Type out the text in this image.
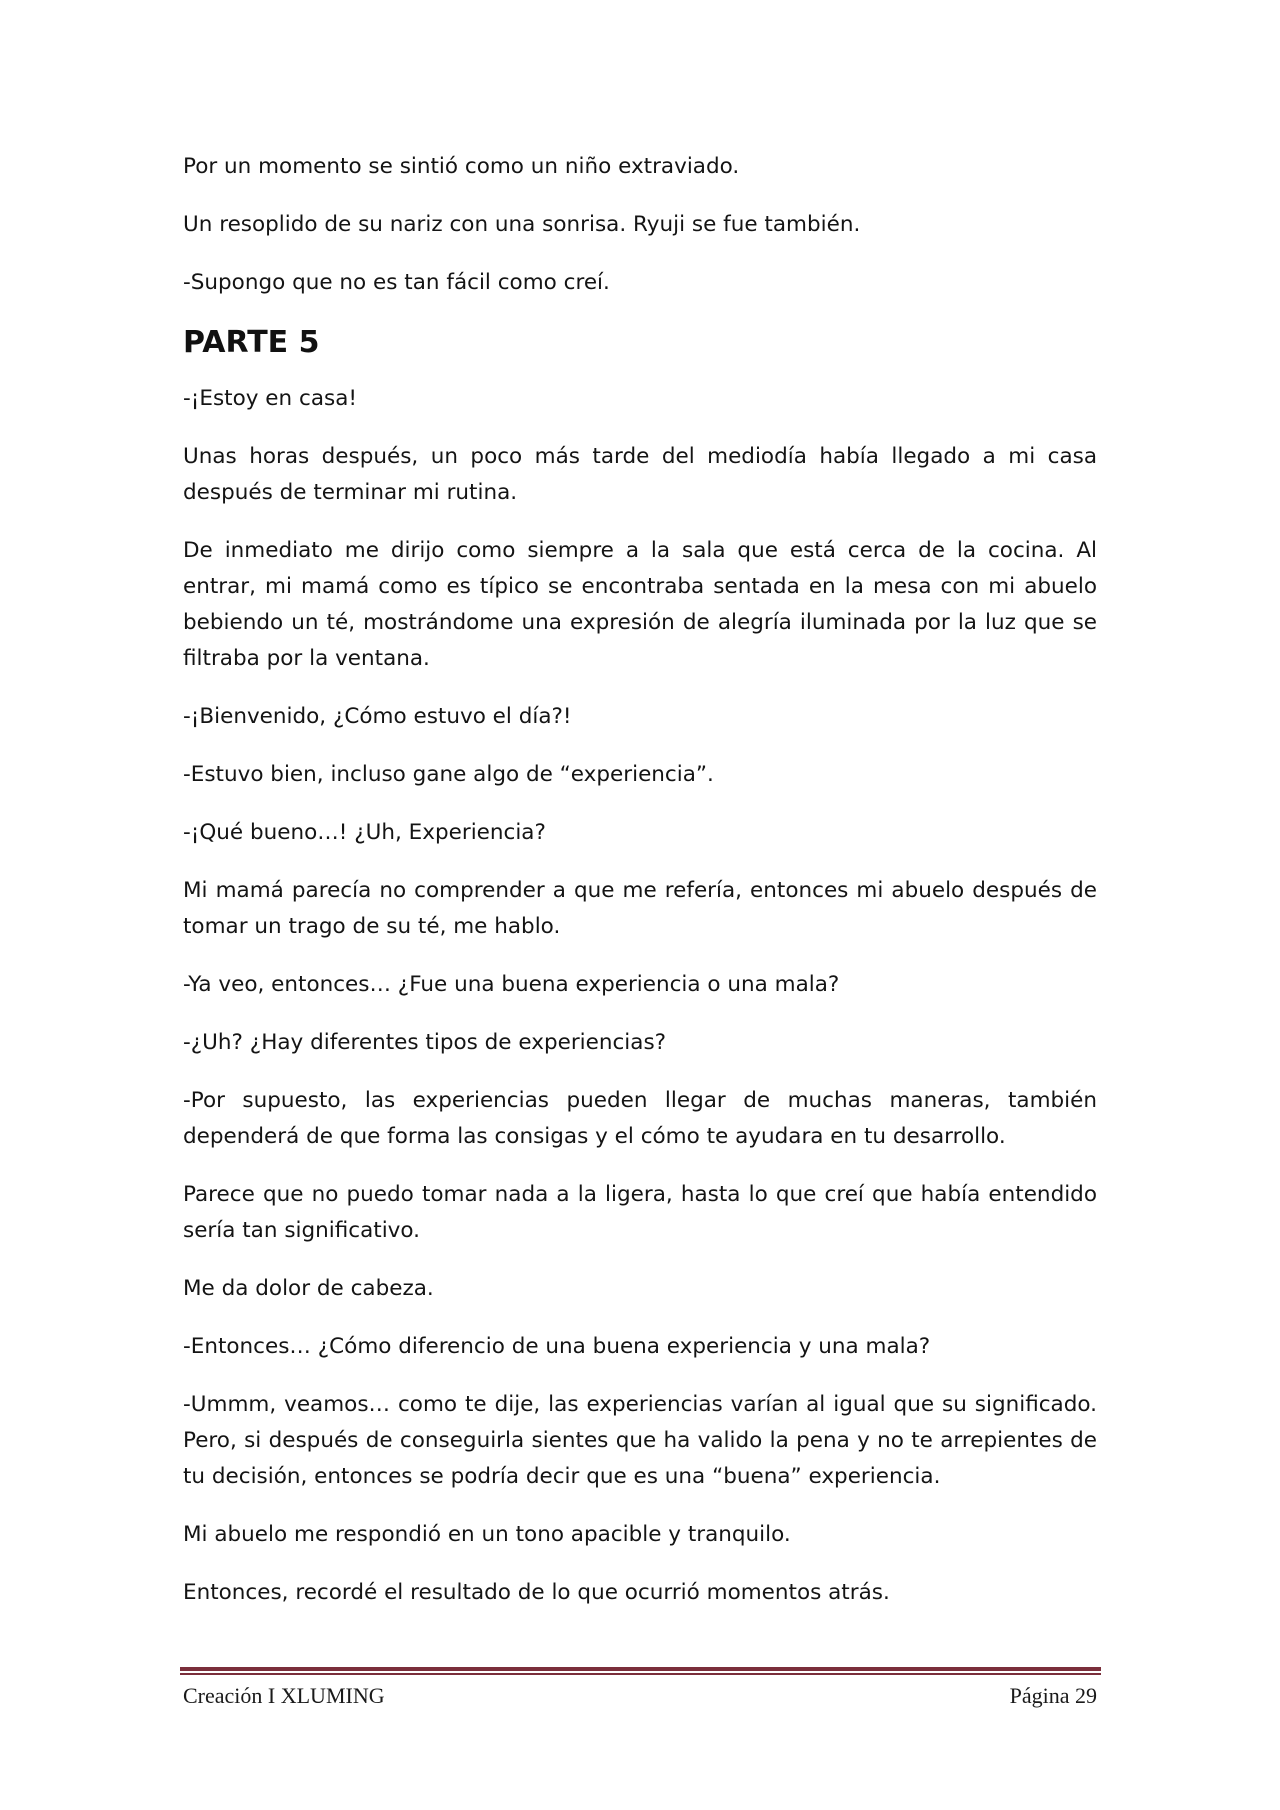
Por un momento se sintió como un niño extraviado.

Un resoplido de su nariz con una sonrisa. Ryuji se fue también.

-Supongo que no es tan fácil como creí.

PARTE 5

-¡Estoy en casa!

Unas horas después, un poco más tarde del mediodía había llegado a mi casa después de terminar mi rutina.

De inmediato me dirijo como siempre a la sala que está cerca de la cocina. Al entrar, mi mamá como es típico se encontraba sentada en la mesa con mi abuelo bebiendo un té, mostrándome una expresión de alegría iluminada por la luz que se filtraba por la ventana.

-¡Bienvenido, ¿Cómo estuvo el día?!

-Estuvo bien, incluso gane algo de “experiencia”.

-¡Qué bueno…! ¿Uh, Experiencia?

Mi mamá parecía no comprender a que me refería, entonces mi abuelo después de tomar un trago de su té, me hablo.

-Ya veo, entonces… ¿Fue una buena experiencia o una mala?

-¿Uh? ¿Hay diferentes tipos de experiencias?

-Por supuesto, las experiencias pueden llegar de muchas maneras, también dependerá de que forma las consigas y el cómo te ayudara en tu desarrollo.

Parece que no puedo tomar nada a la ligera, hasta lo que creí que había entendido sería tan significativo.

Me da dolor de cabeza.

-Entonces… ¿Cómo diferencio de una buena experiencia y una mala?

-Ummm, veamos… como te dije, las experiencias varían al igual que su significado. Pero, si después de conseguirla sientes que ha valido la pena y no te arrepientes de tu decisión, entonces se podría decir que es una “buena” experiencia.

Mi abuelo me respondió en un tono apacible y tranquilo.

Entonces, recordé el resultado de lo que ocurrió momentos atrás.

Creación I XLUMING	Página 29
